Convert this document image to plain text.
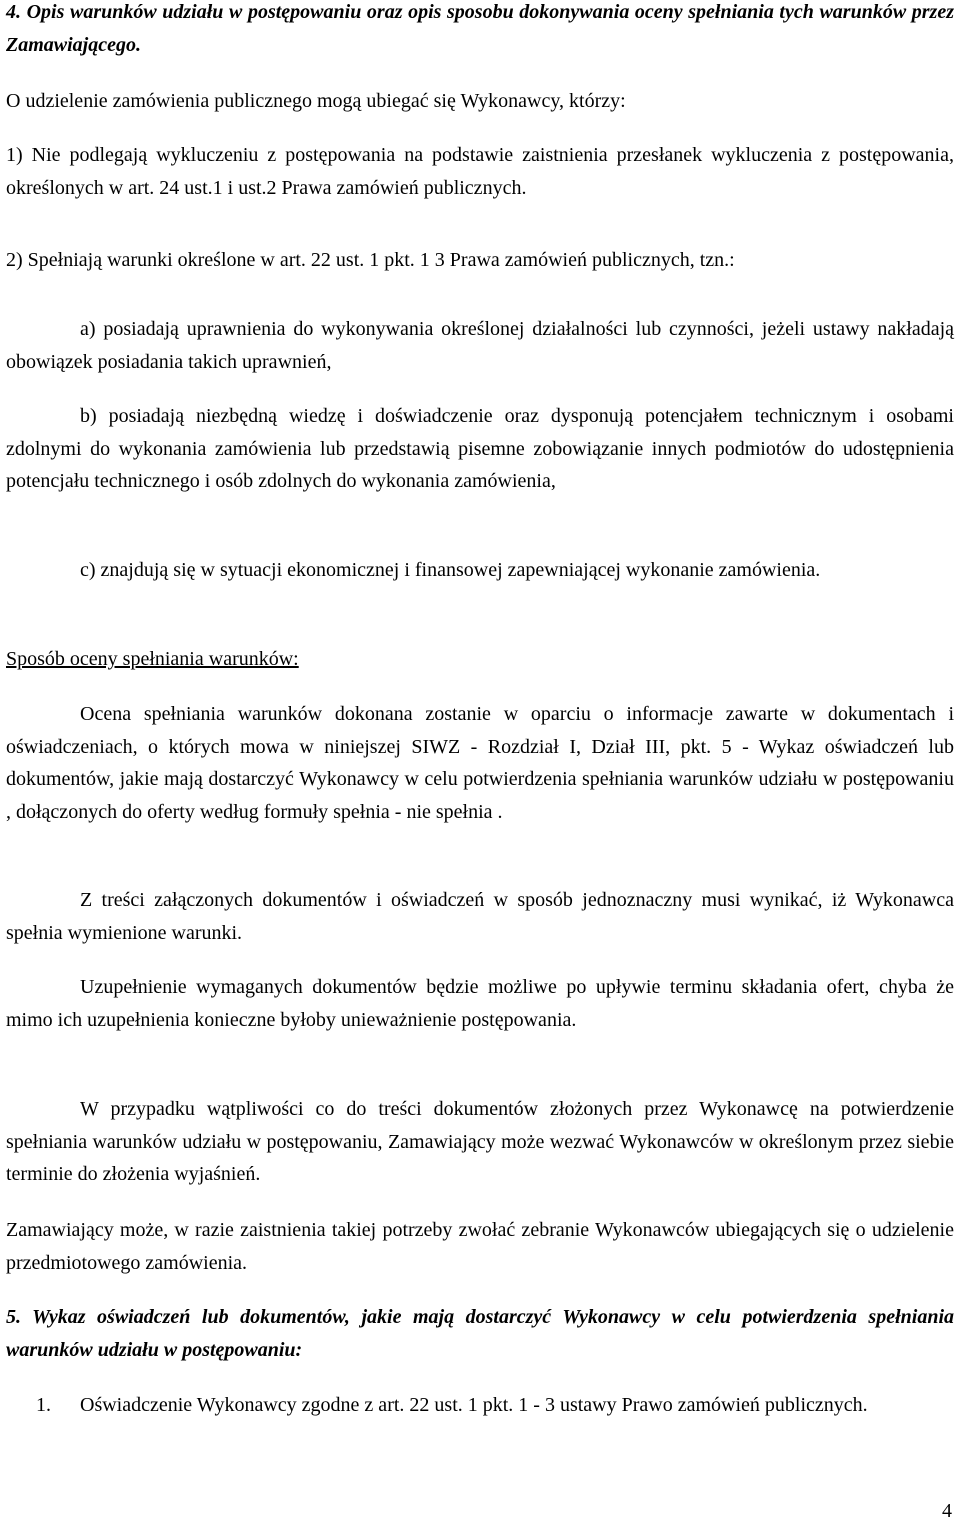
4. Opis warunków udziału w postępowaniu oraz opis sposobu dokonywania oceny spełniania tych warunków przez Zamawiającego.

O udzielenie zamówienia publicznego mogą ubiegać się Wykonawcy, którzy:

1) Nie podlegają wykluczeniu z postępowania na podstawie zaistnienia przesłanek wykluczenia z postępowania, określonych w art. 24 ust.1 i ust.2 Prawa zamówień publicznych.

2) Spełniają warunki określone w art. 22 ust. 1 pkt. 1 3 Prawa zamówień publicznych, tzn.:

a) posiadają uprawnienia do wykonywania określonej działalności lub czynności, jeżeli ustawy nakładają obowiązek posiadania takich uprawnień,

b) posiadają niezbędną wiedzę i doświadczenie oraz dysponują potencjałem technicznym i osobami zdolnymi do wykonania zamówienia lub przedstawią pisemne zobowiązanie innych podmiotów do udostępnienia potencjału technicznego i osób zdolnych do wykonania zamówienia,

c) znajdują się w sytuacji ekonomicznej i finansowej zapewniającej wykonanie zamówienia.

Sposób oceny spełniania warunków:

Ocena spełniania warunków dokonana zostanie w oparciu o informacje zawarte w dokumentach i oświadczeniach, o których mowa w niniejszej SIWZ - Rozdział I, Dział III, pkt. 5 - Wykaz oświadczeń lub dokumentów, jakie mają dostarczyć Wykonawcy w celu potwierdzenia spełniania warunków udziału w postępowaniu , dołączonych do oferty według formuły spełnia - nie spełnia .

Z treści załączonych dokumentów i oświadczeń w sposób jednoznaczny musi wynikać, iż Wykonawca spełnia wymienione warunki.

Uzupełnienie wymaganych dokumentów będzie możliwe po upływie terminu składania ofert, chyba że mimo ich uzupełnienia konieczne byłoby unieważnienie postępowania.

W przypadku wątpliwości co do treści dokumentów złożonych przez Wykonawcę na potwierdzenie spełniania warunków udziału w postępowaniu, Zamawiający może wezwać Wykonawców w określonym przez siebie terminie do złożenia wyjaśnień.

Zamawiający może, w razie zaistnienia takiej potrzeby zwołać zebranie Wykonawców ubiegających się o udzielenie przedmiotowego zamówienia.

5. Wykaz oświadczeń lub dokumentów, jakie mają dostarczyć Wykonawcy w celu potwierdzenia spełniania warunków udziału w postępowaniu:

1. Oświadczenie Wykonawcy zgodne z art. 22 ust. 1 pkt. 1 - 3 ustawy Prawo zamówień publicznych.

4
